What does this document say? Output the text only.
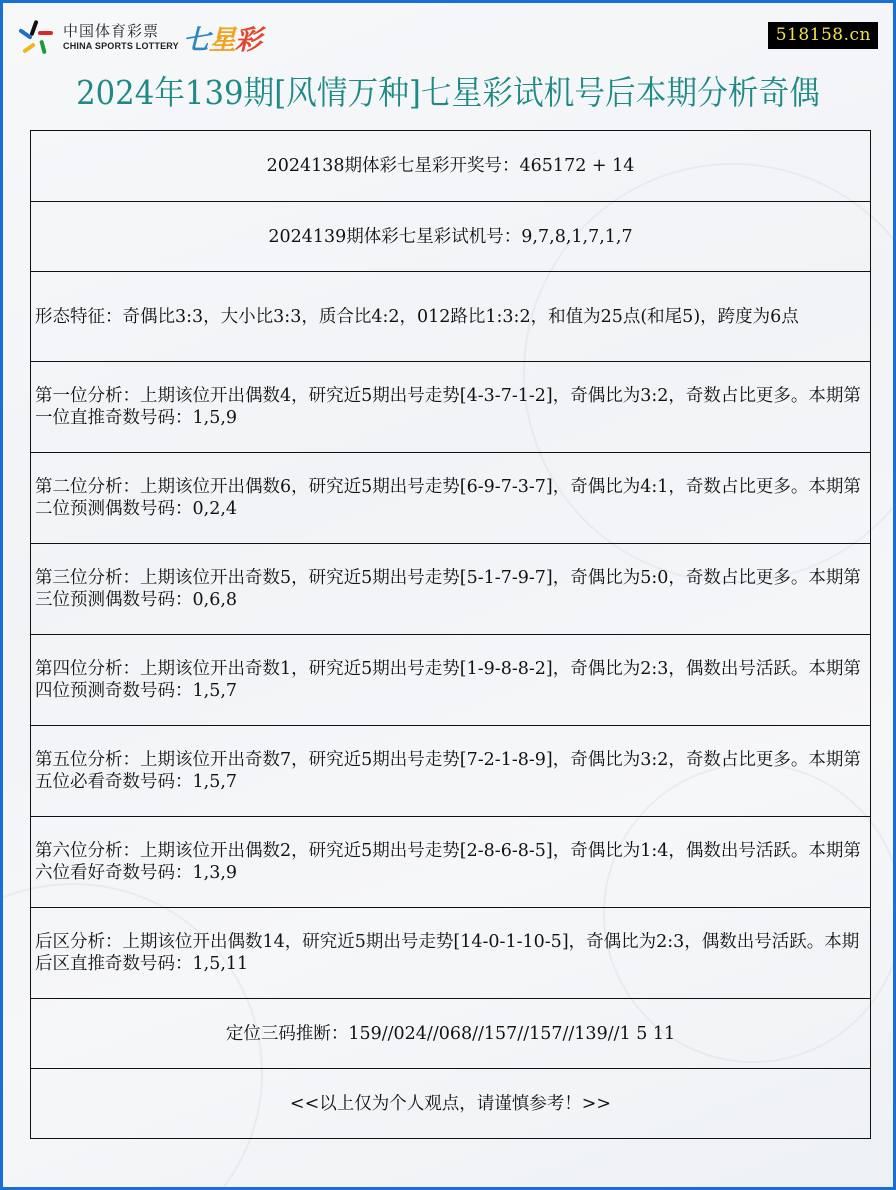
中国体育彩票
CHINA SPORTS LOTTERY 七 星 彩	518158.cn
2024年139期[风情万种]七星彩试机号后本期分析奇偶
2024138期体彩七星彩开奖号：465172 + 14
2024139期体彩七星彩试机号：9,7,8,1,7,1,7
形态特征：奇偶比3:3，大小比3:3，质合比4:2，012路比1:3:2，和值为25点(和尾5)，跨度为6点
第一位分析：上期该位开出偶数4，研究近5期出号走势[4-3-7-1-2]，奇偶比为3:2，奇数占比更多。本期第一位直推奇数号码：1,5,9
第二位分析：上期该位开出偶数6，研究近5期出号走势[6-9-7-3-7]，奇偶比为4:1，奇数占比更多。本期第二位预测偶数号码：0,2,4
第三位分析：上期该位开出奇数5，研究近5期出号走势[5-1-7-9-7]，奇偶比为5:0，奇数占比更多。本期第三位预测偶数号码：0,6,8
第四位分析：上期该位开出奇数1，研究近5期出号走势[1-9-8-8-2]，奇偶比为2:3，偶数出号活跃。本期第四位预测奇数号码：1,5,7
第五位分析：上期该位开出奇数7，研究近5期出号走势[7-2-1-8-9]，奇偶比为3:2，奇数占比更多。本期第五位必看奇数号码：1,5,7
第六位分析：上期该位开出偶数2，研究近5期出号走势[2-8-6-8-5]，奇偶比为1:4，偶数出号活跃。本期第六位看好奇数号码：1,3,9
后区分析：上期该位开出偶数14，研究近5期出号走势[14-0-1-10-5]，奇偶比为2:3，偶数出号活跃。本期后区直推奇数号码：1,5,11
定位三码推断：159//024//068//157//157//139//1 5 11
<<以上仅为个人观点，请谨慎参考！>>
